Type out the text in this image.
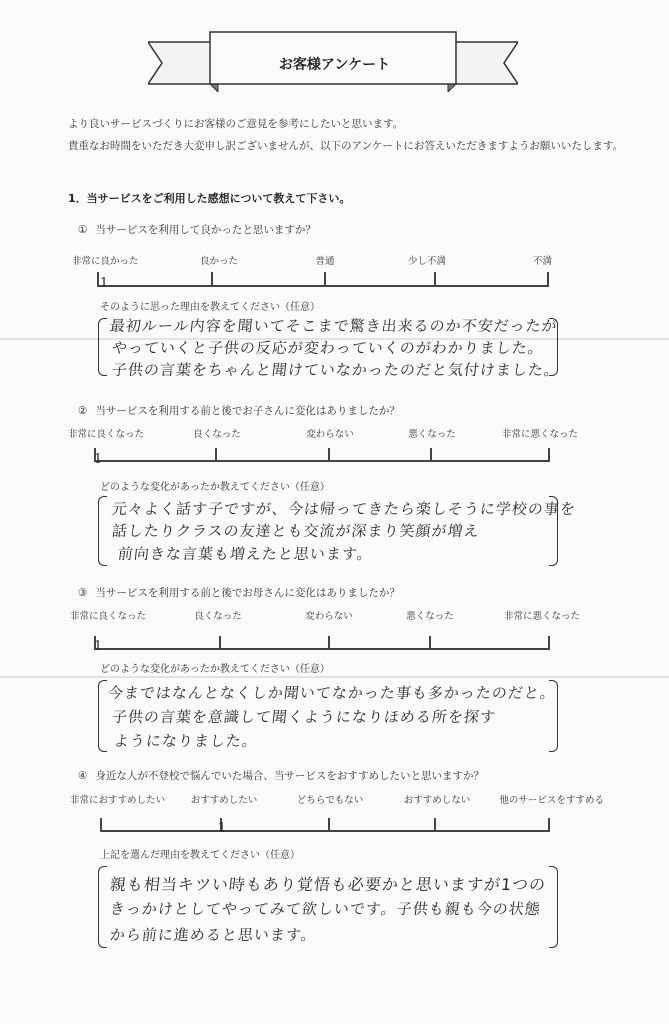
お客様アンケート
より良いサービスづくりにお客様のご意見を参考にしたいと思います。
貴重なお時間をいただき大変申し訳ございませんが、以下のアンケートにお答えいただきますようお願いいたします。
1．当サービスをご利用した感想について教えて下さい。
① 当サービスを利用して良かったと思いますか？
非常に良かった	良かった	普通	少し不満	不満
1
そのように思った理由を教えてください（任意）
最初ルール内容を聞いてそこまで驚き出来るのか不安だったが
やっていくと子供の反応が変わっていくのがわかりました。
子供の言葉をちゃんと聞けていなかったのだと気付けました。
② 当サービスを利用する前と後でお子さんに変化はありましたか？
非常に良くなった	良くなった	変わらない	悪くなった	非常に悪くなった
1
どのような変化があったか教えてください（任意）
元々よく話す子ですが、今は帰ってきたら楽しそうに学校の事を
話したりクラスの友達とも交流が深まり笑顔が増え
前向きな言葉も増えたと思います。
③ 当サービスを利用する前と後でお母さんに変化はありましたか？
非常に良くなった	良くなった	変わらない	悪くなった	非常に悪くなった
1
どのような変化があったか教えてください（任意）
今まではなんとなくしか聞いてなかった事も多かったのだと。
子供の言葉を意識して聞くようになりほめる所を探す
ようになりました。
④ 身近な人が不登校で悩んでいた場合、当サービスをおすすめしたいと思いますか？
非常におすすめしたい	おすすめしたい	どちらでもない	おすすめしない	他のサービスをすすめる
1
上記を選んだ理由を教えてください（任意）
親も相当キツい時もあり覚悟も必要かと思いますが1つの
きっかけとしてやってみて欲しいです。子供も親も今の状態
から前に進めると思います。
